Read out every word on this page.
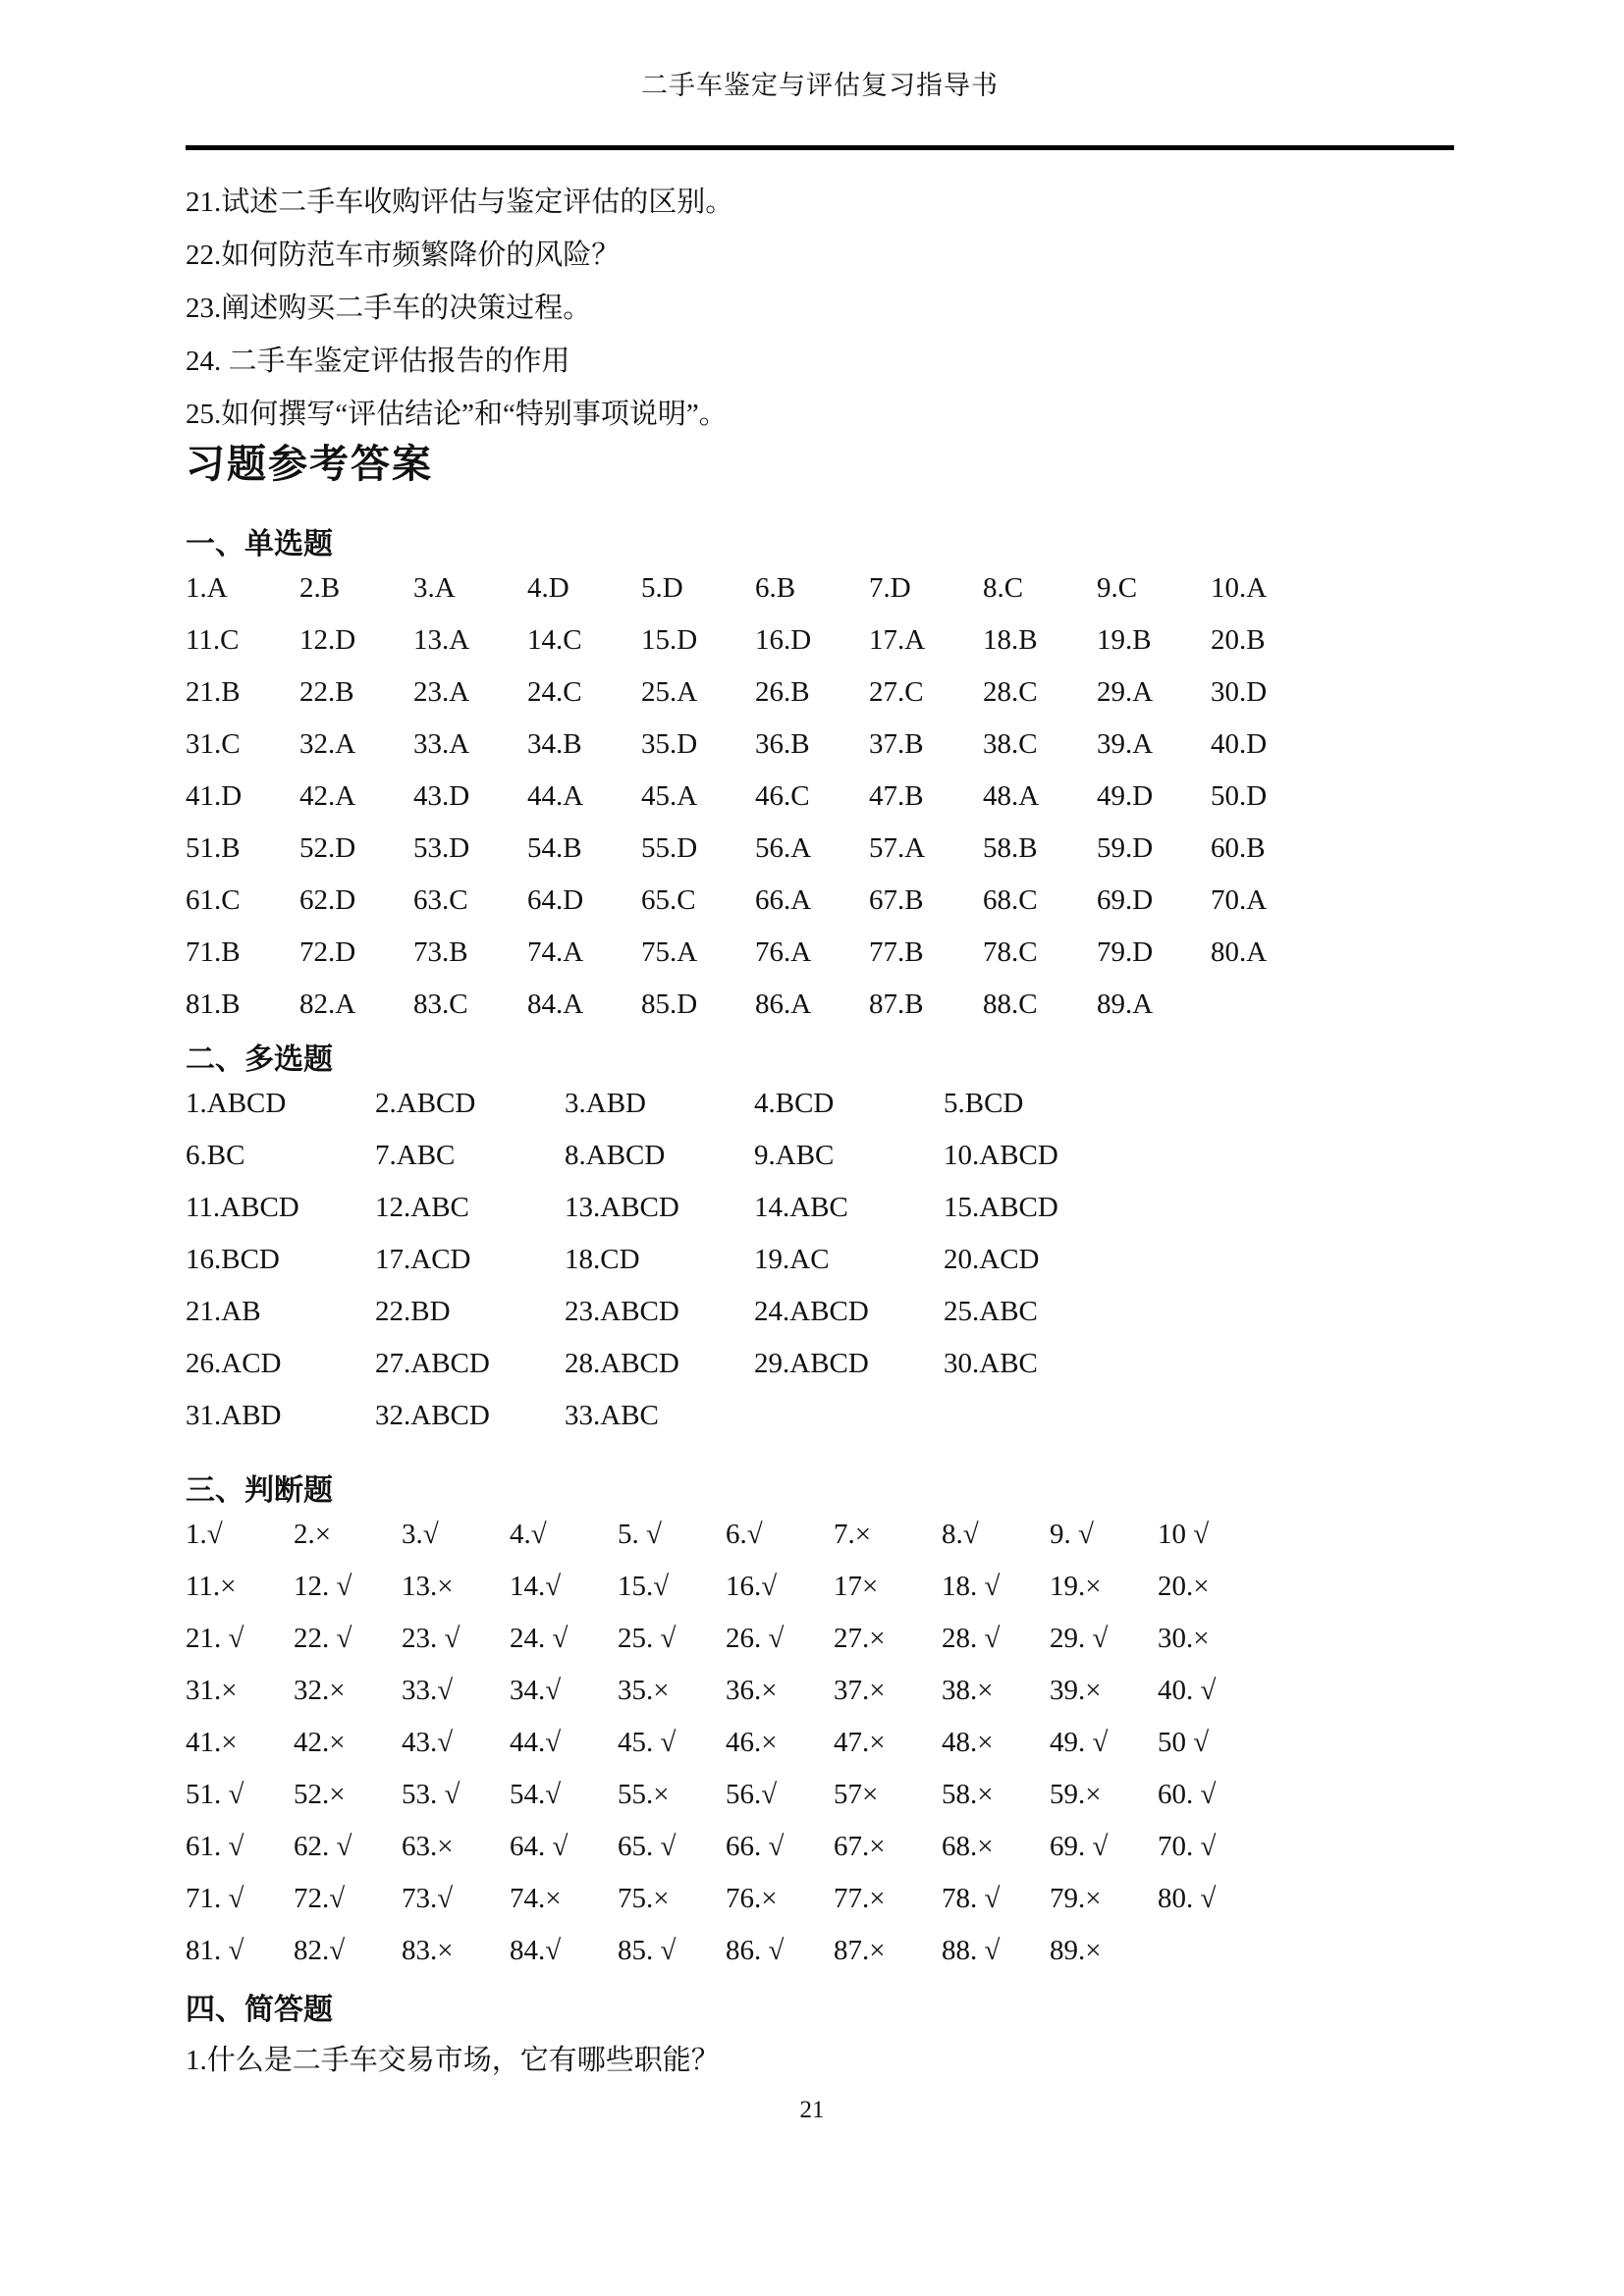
二手车鉴定与评估复习指导书
21.试述二手车收购评估与鉴定评估的区别。
22.如何防范车市频繁降价的风险？
23.阐述购买二手车的决策过程。
24. 二手车鉴定评估报告的作用
25.如何撰写“评估结论”和“特别事项说明”。
习题参考答案
一、单选题
1.A	2.B	3.A	4.D	5.D	6.B	7.D	8.C	9.C	10.A
11.C	12.D	13.A	14.C	15.D	16.D	17.A	18.B	19.B	20.B
21.B	22.B	23.A	24.C	25.A	26.B	27.C	28.C	29.A	30.D
31.C	32.A	33.A	34.B	35.D	36.B	37.B	38.C	39.A	40.D
41.D	42.A	43.D	44.A	45.A	46.C	47.B	48.A	49.D	50.D
51.B	52.D	53.D	54.B	55.D	56.A	57.A	58.B	59.D	60.B
61.C	62.D	63.C	64.D	65.C	66.A	67.B	68.C	69.D	70.A
71.B	72.D	73.B	74.A	75.A	76.A	77.B	78.C	79.D	80.A
81.B	82.A	83.C	84.A	85.D	86.A	87.B	88.C	89.A
二、多选题
1.ABCD	2.ABCD	3.ABD	4.BCD	5.BCD
6.BC	7.ABC	8.ABCD	9.ABC	10.ABCD
11.ABCD	12.ABC	13.ABCD	14.ABC	15.ABCD
16.BCD	17.ACD	18.CD	19.AC	20.ACD
21.AB	22.BD	23.ABCD	24.ABCD	25.ABC
26.ACD	27.ABCD	28.ABCD	29.ABCD	30.ABC
31.ABD	32.ABCD	33.ABC
三、判断题
1.√	2.×	3.√	4.√	5. √	6.√	7.×	8.√	9. √	10 √
11.×	12. √	13.×	14.√	15.√	16.√	17×	18. √	19.×	20.×
21. √	22. √	23. √	24. √	25. √	26. √	27.×	28. √	29. √	30.×
31.×	32.×	33.√	34.√	35.×	36.×	37.×	38.×	39.×	40. √
41.×	42.×	43.√	44.√	45. √	46.×	47.×	48.×	49. √	50 √
51. √	52.×	53. √	54.√	55.×	56.√	57×	58.×	59.×	60. √
61. √	62. √	63.×	64. √	65. √	66. √	67.×	68.×	69. √	70. √
71. √	72.√	73.√	74.×	75.×	76.×	77.×	78. √	79.×	80. √
81. √	82.√	83.×	84.√	85. √	86. √	87.×	88. √	89.×
四、简答题
1.什么是二手车交易市场，它有哪些职能？
21
